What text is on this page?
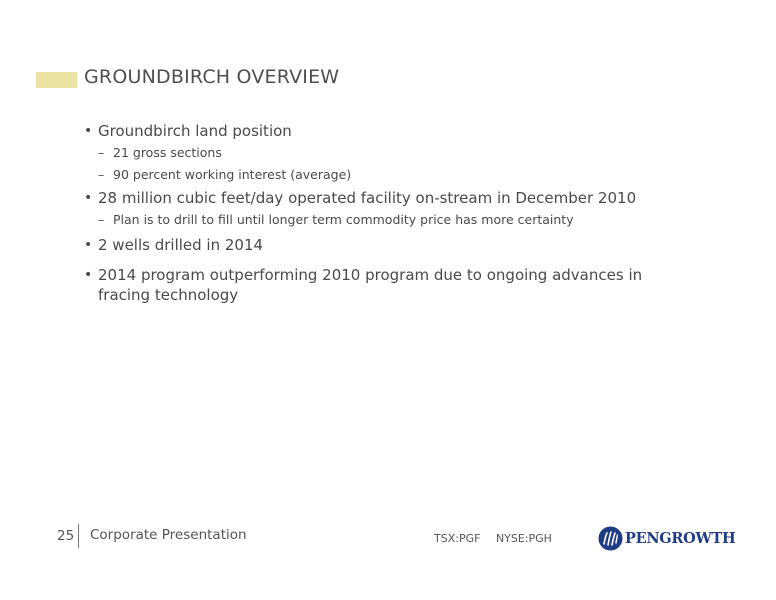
GROUNDBIRCH OVERVIEW
• Groundbirch land position
– 21 gross sections
– 90 percent working interest (average)
• 28 million cubic feet/day operated facility on-stream in December 2010
– Plan is to drill to fill until longer term commodity price has more certainty
• 2 wells drilled in 2014
• 2014 program outperforming 2010 program due to ongoing advances in fracing technology
25 Corporate Presentation	TSX:PGF NYSE:PGH	PENGROWTH
